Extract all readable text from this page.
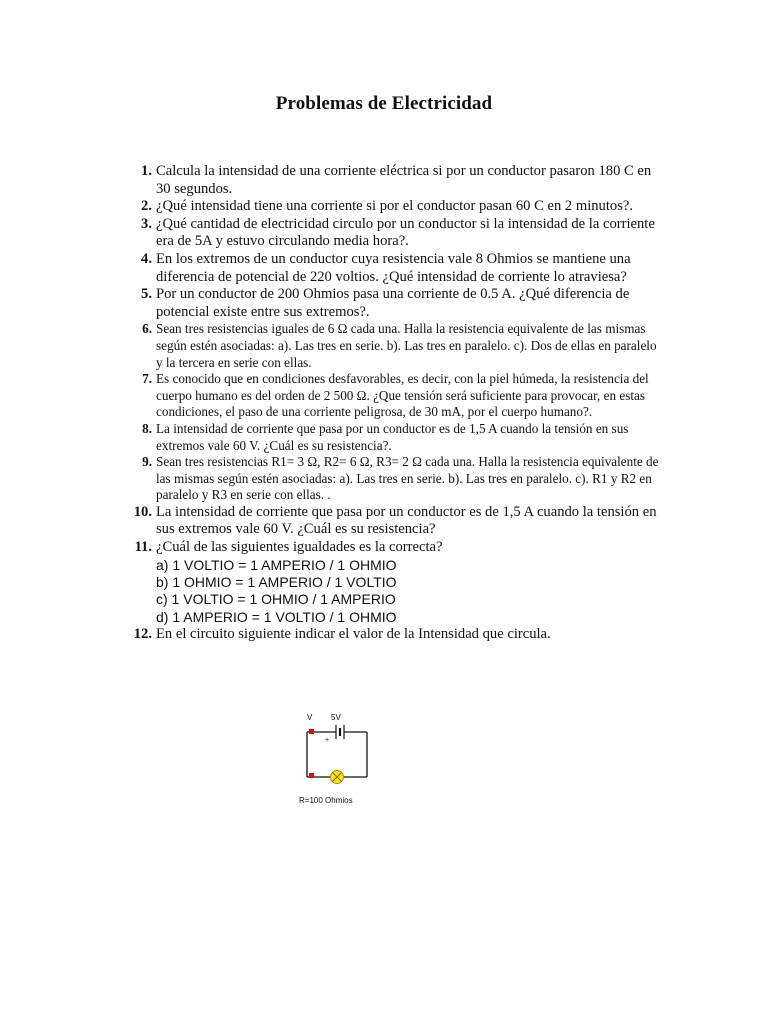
Problemas de Electricidad
1. Calcula la intensidad de una corriente eléctrica si por un conductor pasaron 180 C en 30 segundos.
2. ¿Qué intensidad tiene una corriente si por el conductor pasan 60 C en 2 minutos?.
3. ¿Qué cantidad de electricidad circulo por un conductor si la intensidad de la corriente era de 5A y estuvo circulando media hora?.
4. En los extremos de un conductor cuya resistencia vale 8 Ohmios se mantiene una diferencia de potencial de 220 voltios. ¿Qué intensidad de corriente lo atraviesa?
5. Por un conductor de 200 Ohmios pasa una corriente de 0.5 A. ¿Qué diferencia de potencial existe entre sus extremos?.
6. Sean tres resistencias iguales de 6 Ω cada una. Halla la resistencia equivalente de las mismas según estén asociadas: a). Las tres en serie. b). Las tres en paralelo. c). Dos de ellas en paralelo y la tercera en serie con ellas.
7. Es conocido que en condiciones desfavorables, es decir, con la piel húmeda, la resistencia del cuerpo humano es del orden de 2 500 Ω. ¿Que tensión será suficiente para provocar, en estas condiciones, el paso de una corriente peligrosa, de 30 mA, por el cuerpo humano?.
8. La intensidad de corriente que pasa por un conductor es de 1,5 A cuando la tensión en sus extremos vale 60 V. ¿Cuál es su resistencia?.
9. Sean tres resistencias R1= 3 Ω, R2= 6 Ω, R3= 2 Ω cada una. Halla la resistencia equivalente de las mismas según estén asociadas: a). Las tres en serie. b). Las tres en paralelo. c). R1 y R2 en paralelo y R3 en serie con ellas. .
10. La intensidad de corriente que pasa por un conductor es de 1,5 A cuando la tensión en sus extremos vale 60 V. ¿Cuál es su resistencia?
11. ¿Cuál de las siguientes igualdades es la correcta?
a) 1 VOLTIO = 1 AMPERIO / 1 OHMIO
b) 1 OHMIO = 1 AMPERIO / 1 VOLTIO
c) 1 VOLTIO = 1 OHMIO / 1 AMPERIO
d) 1 AMPERIO = 1 VOLTIO / 1 OHMIO
12. En el circuito siguiente indicar el valor de la Intensidad que circula.
V 5V
+
R=100 Ohmios
